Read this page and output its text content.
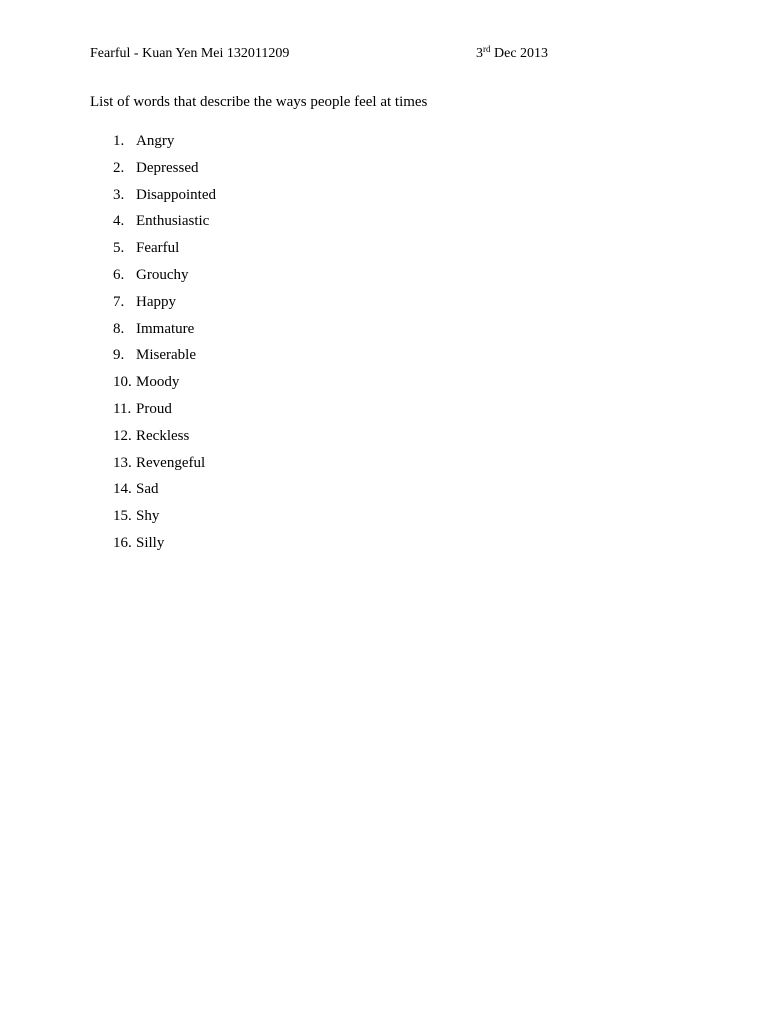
Fearful - Kuan Yen Mei 132011209	3rd Dec 2013
List of words that describe the ways people feel at times
1. Angry
2. Depressed
3. Disappointed
4. Enthusiastic
5. Fearful
6. Grouchy
7. Happy
8. Immature
9. Miserable
10. Moody
11. Proud
12. Reckless
13. Revengeful
14. Sad
15. Shy
16. Silly
